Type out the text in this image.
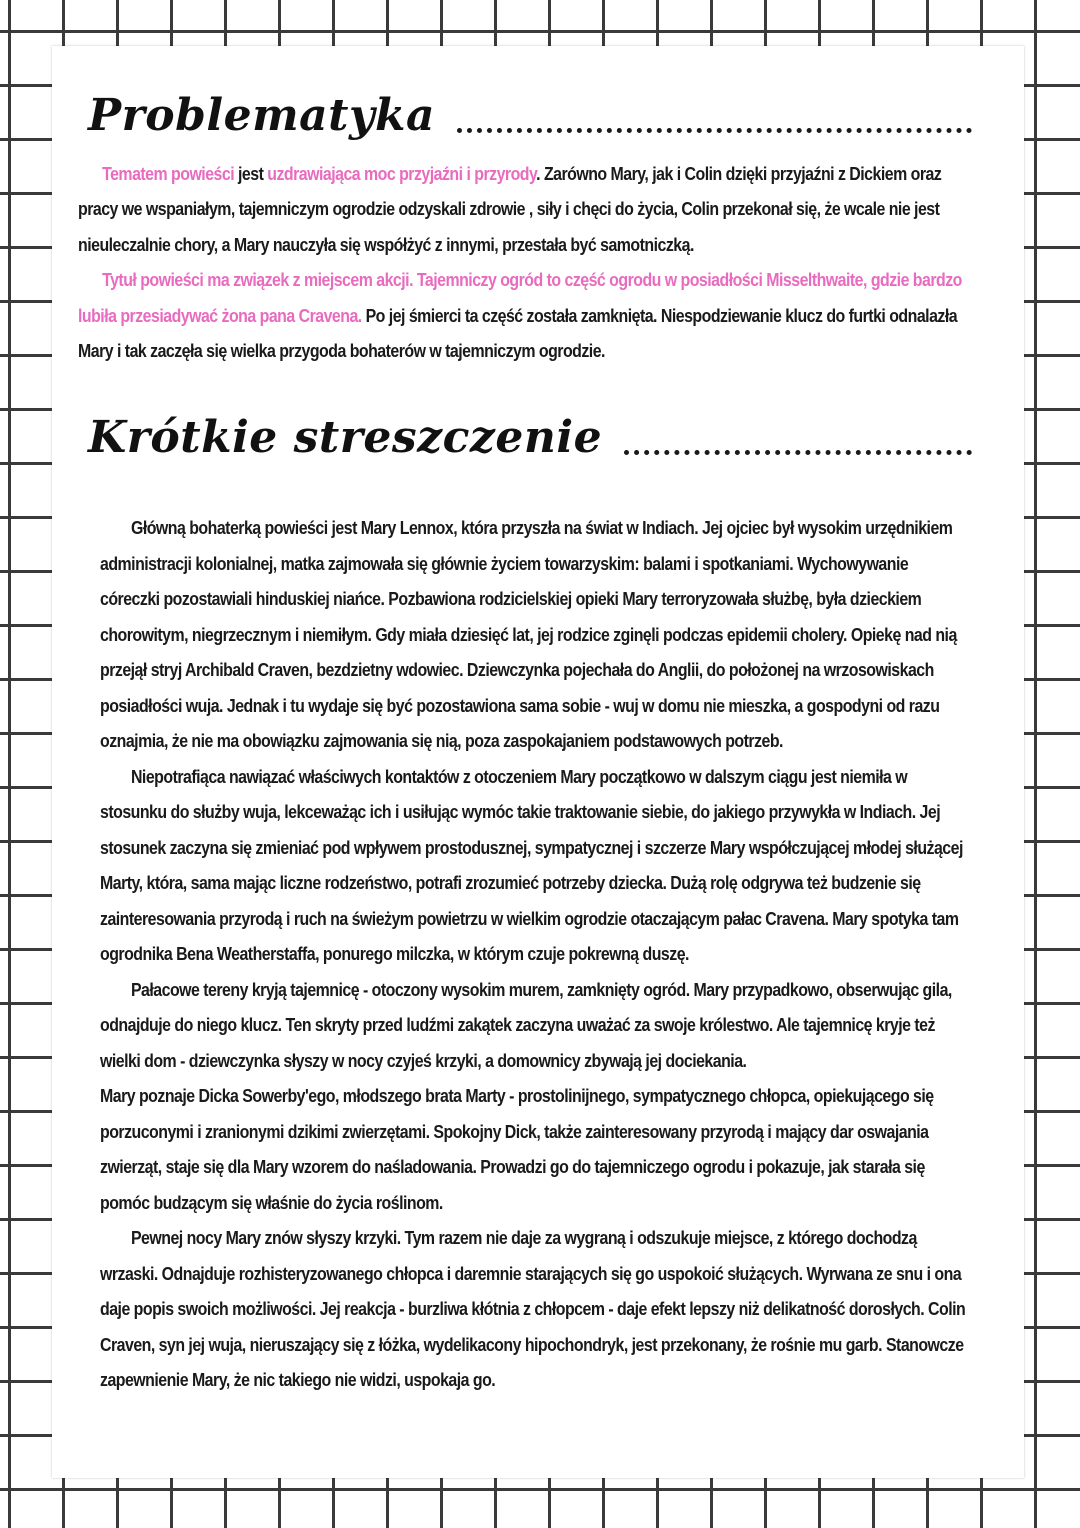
Problematyka

Tematem powieści jest uzdrawiająca moc przyjaźni i przyrody. Zarówno Mary, jak i Colin dzięki przyjaźni z Dickiem oraz pracy we wspaniałym, tajemniczym ogrodzie odzyskali zdrowie , siły i chęci do życia, Colin przekonał się, że wcale nie jest nieuleczalnie chory, a Mary nauczyła się współżyć z innymi, przestała być samotniczką.

Tytuł powieści ma związek z miejscem akcji. Tajemniczy ogród to część ogrodu w posiadłości Misselthwaite, gdzie bardzo lubiła przesiadywać żona pana Cravena. Po jej śmierci ta część została zamknięta. Niespodziewanie klucz do furtki odnalazła Mary i tak zaczęła się wielka przygoda bohaterów w tajemniczym ogrodzie.

Krótkie streszczenie

Główną bohaterką powieści jest Mary Lennox, która przyszła na świat w Indiach. Jej ojciec był wysokim urzędnikiem administracji kolonialnej, matka zajmowała się głównie życiem towarzyskim: balami i spotkaniami. Wychowywanie córeczki pozostawiali hinduskiej niańce. Pozbawiona rodzicielskiej opieki Mary terroryzowała służbę, była dzieckiem chorowitym, niegrzecznym i niemiłym. Gdy miała dziesięć lat, jej rodzice zginęli podczas epidemii cholery. Opiekę nad nią przejął stryj Archibald Craven, bezdzietny wdowiec. Dziewczynka pojechała do Anglii, do położonej na wrzosowiskach posiadłości wuja. Jednak i tu wydaje się być pozostawiona sama sobie - wuj w domu nie mieszka, a gospodyni od razu oznajmia, że nie ma obowiązku zajmowania się nią, poza zaspokajaniem podstawowych potrzeb.

Niepotrafiąca nawiązać właściwych kontaktów z otoczeniem Mary początkowo w dalszym ciągu jest niemiła w stosunku do służby wuja, lekceważąc ich i usiłując wymóc takie traktowanie siebie, do jakiego przywykła w Indiach. Jej stosunek zaczyna się zmieniać pod wpływem prostodusznej, sympatycznej i szczerze Mary współczującej młodej służącej Marty, która, sama mając liczne rodzeństwo, potrafi zrozumieć potrzeby dziecka. Dużą rolę odgrywa też budzenie się zainteresowania przyrodą i ruch na świeżym powietrzu w wielkim ogrodzie otaczającym pałac Cravena. Mary spotyka tam ogrodnika Bena Weatherstaffa, ponurego milczka, w którym czuje pokrewną duszę.

Pałacowe tereny kryją tajemnicę - otoczony wysokim murem, zamknięty ogród. Mary przypadkowo, obserwując gila, odnajduje do niego klucz. Ten skryty przed ludźmi zakątek zaczyna uważać za swoje królestwo. Ale tajemnicę kryje też wielki dom - dziewczynka słyszy w nocy czyjeś krzyki, a domownicy zbywają jej dociekania.

Mary poznaje Dicka Sowerby'ego, młodszego brata Marty - prostolinijnego, sympatycznego chłopca, opiekującego się porzuconymi i zranionymi dzikimi zwierzętami. Spokojny Dick, także zainteresowany przyrodą i mający dar oswajania zwierząt, staje się dla Mary wzorem do naśladowania. Prowadzi go do tajemniczego ogrodu i pokazuje, jak starała się pomóc budzącym się właśnie do życia roślinom.

Pewnej nocy Mary znów słyszy krzyki. Tym razem nie daje za wygraną i odszukuje miejsce, z którego dochodzą wrzaski. Odnajduje rozhisteryzowanego chłopca i daremnie starających się go uspokoić służących. Wyrwana ze snu i ona daje popis swoich możliwości. Jej reakcja - burzliwa kłótnia z chłopcem - daje efekt lepszy niż delikatność dorosłych. Colin Craven, syn jej wuja, nieruszający się z łóżka, wydelikacony hipochondryk, jest przekonany, że rośnie mu garb. Stanowcze zapewnienie Mary, że nic takiego nie widzi, uspokaja go.
